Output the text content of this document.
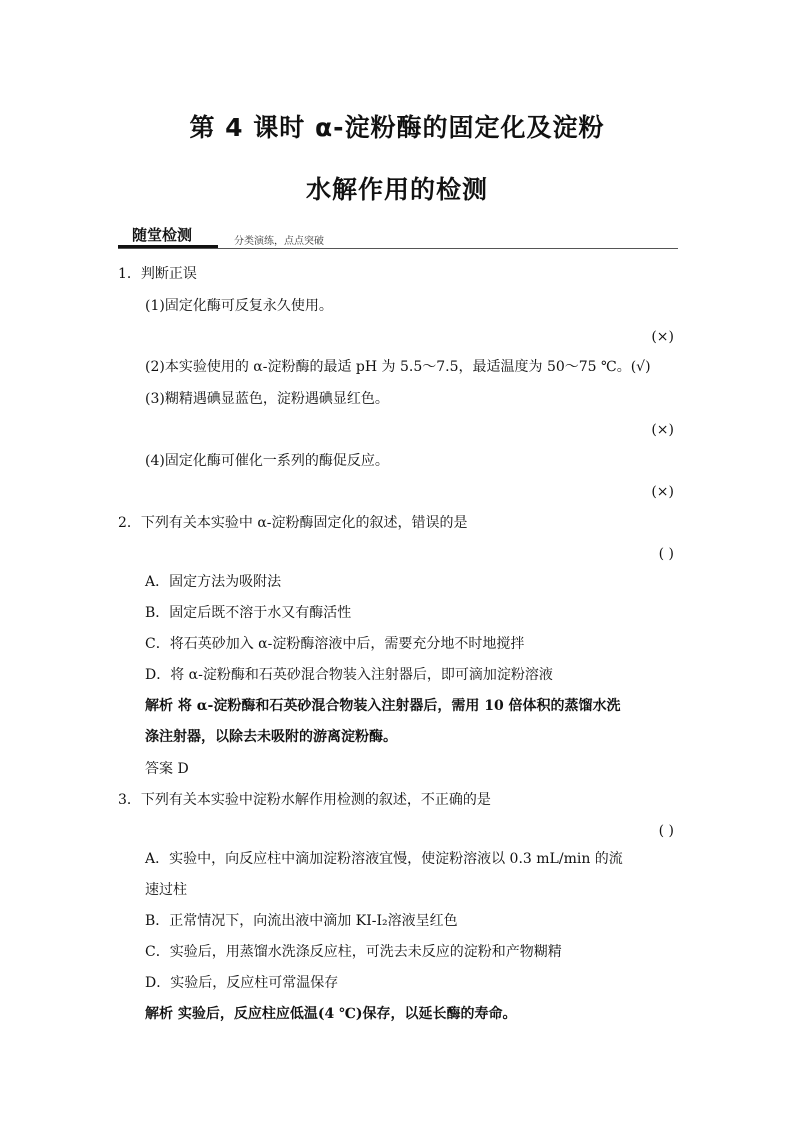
第 4 课时 α-淀粉酶的固定化及淀粉
水解作用的检测
随堂检测	分类演练，点点突破
1．判断正误
(1)固定化酶可反复永久使用。
(×)
(2)本实验使用的 α-淀粉酶的最适 pH 为 5.5～7.5，最适温度为 50～75 ℃。(√)
(3)糊精遇碘显蓝色，淀粉遇碘显红色。
(×)
(4)固定化酶可催化一系列的酶促反应。
(×)
2．下列有关本实验中 α-淀粉酶固定化的叙述，错误的是
( )
A．固定方法为吸附法
B．固定后既不溶于水又有酶活性
C．将石英砂加入 α-淀粉酶溶液中后，需要充分地不时地搅拌
D．将 α-淀粉酶和石英砂混合物装入注射器后，即可滴加淀粉溶液
解析 将 α-淀粉酶和石英砂混合物装入注射器后，需用 10 倍体积的蒸馏水洗
涤注射器，以除去未吸附的游离淀粉酶。
答案 D
3．下列有关本实验中淀粉水解作用检测的叙述，不正确的是
( )
A．实验中，向反应柱中滴加淀粉溶液宜慢，使淀粉溶液以 0.3 mL/min 的流
速过柱
B．正常情况下，向流出液中滴加 KI-I₂溶液呈红色
C．实验后，用蒸馏水洗涤反应柱，可洗去未反应的淀粉和产物糊精
D．实验后，反应柱可常温保存
解析 实验后，反应柱应低温(4 ℃)保存，以延长酶的寿命。
